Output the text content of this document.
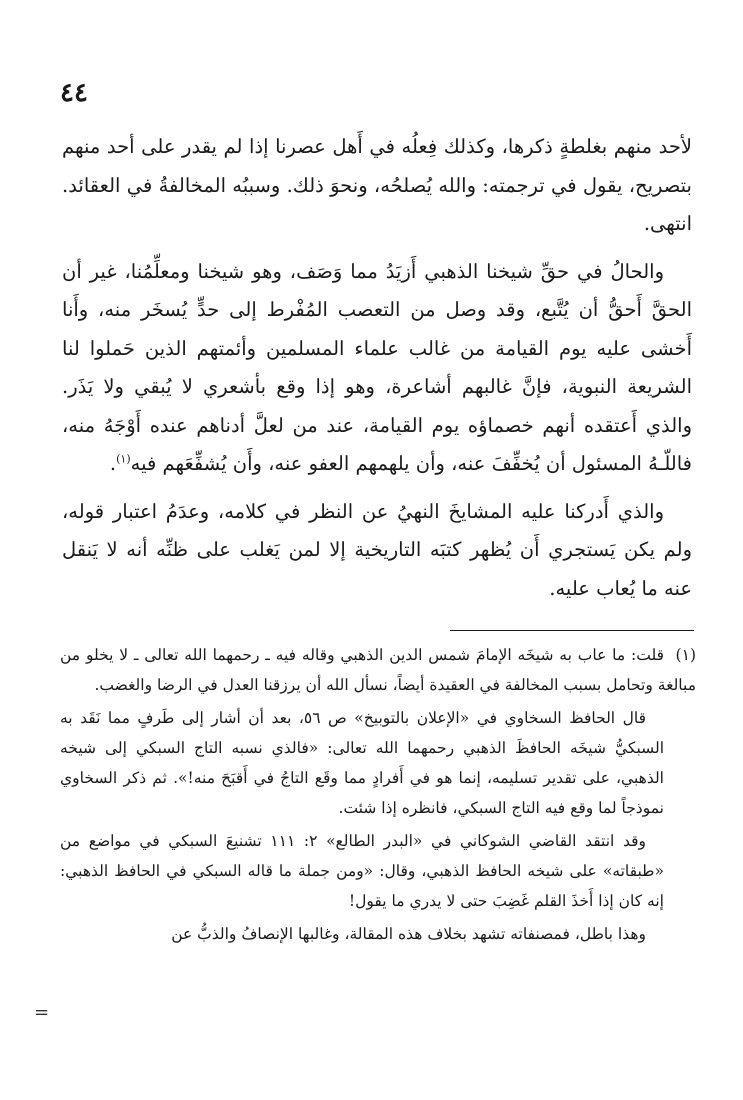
٤٤

لأحد منهم بغلطةٍ ذكرها، وكذلك فِعلُه في أَهل عصرنا إذا لم يقدر على أحد منهم بتصريح، يقول في ترجمته: والله يُصلحُه، ونحوَ ذلك. وسببُه المخالفةُ في العقائد. انتهى.

والحالُ في حقِّ شيخنا الذهبي أَزيَدُ مما وَصَف، وهو شيخنا ومعلِّمُنا، غير أن الحقَّ أَحقُّ أن يُتَّبع، وقد وصل من التعصب المُفْرط إلى حدٍّ يُسخَر منه، وأَنا أَخشى عليه يوم القيامة من غالب علماء المسلمين وأئمتهم الذين حَملوا لنا الشريعة النبوية، فإنَّ غالبهم أشاعرة، وهو إذا وقع بأشعري لا يُبقي ولا يَذَر. والذي أَعتقده أنهم خصماؤه يوم القيامة، عند من لعلَّ أدناهم عنده أَوْجَهُ منه، فاللّـهُ المسئول أن يُخفِّفَ عنه، وأن يلهمهم العفو عنه، وأَن يُشفِّعَهم فيه$^{(١)}$.

والذي أَدركنا عليه المشايخَ النهيُ عن النظر في كلامه، وعدَمُ اعتبار قوله، ولم يكن يَستجري أَن يُظهر كتبَه التاريخية إلا لمن يَغلب على ظنِّه أنه لا يَنقل عنه ما يُعاب عليه.

(١)قلت: ما عاب به شيخَه الإمامَ شمس الدين الذهبي وقاله فيه ـ رحمهما الله تعالى ـ لا يخلو من مبالغة وتحامل بسبب المخالفة في العقيدة أيضاً، نسأل الله أن يرزقنا العدل في الرضا والغضب.

قال الحافظ السخاوي في «الإعلان بالتوبيخ» ص ٥٦، بعد أن أشار إلى طَرفٍ مما نَقَد به السبكيُّ شيخَه الحافظَ الذهبي رحمهما الله تعالى: «فالذي نسبه التاج السبكي إلى شيخه الذهبي، على تقدير تسليمه، إنما هو في أَفرادٍ مما وقَع التاجُ في أَقبَحَ منه!». ثم ذكر السخاوي نموذجاً لما وقع فيه التاج السبكي، فانظره إذا شئت.

وقد انتقد القاضي الشوكاني في «البدر الطالع» ٢: ١١١ تشنيعَ السبكي في مواضع من «طبقاته» على شيخه الحافظ الذهبي، وقال: «ومن جملة ما قاله السبكي في الحافظ الذهبي: إنه كان إذا أَخذَ القلم غَضِبَ حتى لا يدري ما يقول!

وهذا باطل، فمصنفاته تشهد بخلاف هذه المقالة، وغالبها الإنصافُ والذبُّ عن

=
